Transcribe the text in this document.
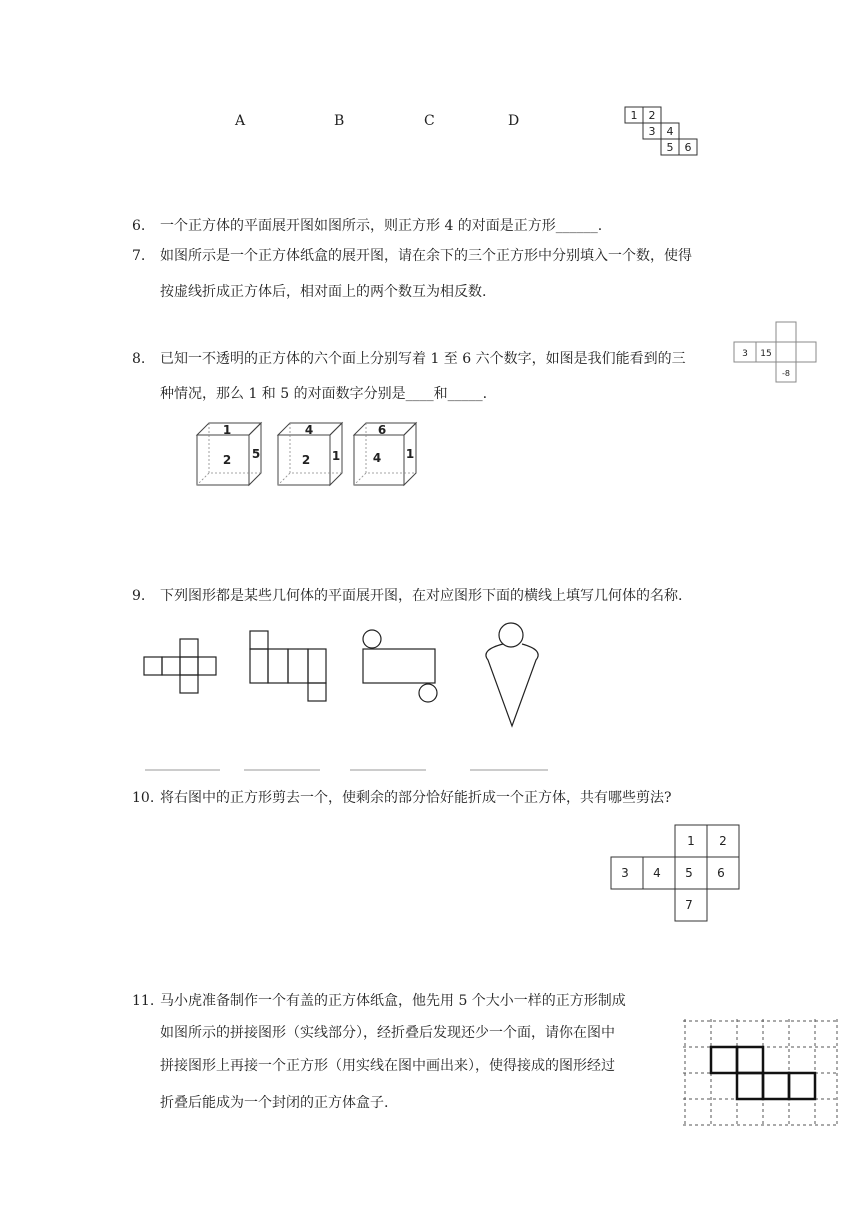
A	B	C	D	1 2
3 4
5 6
6.	一个正方体的平面展开图如图所示，则正方形 4 的对面是正方形______.
7.	如图所示是一个正方体纸盒的展开图，请在余下的三个正方形中分别填入一个数，使得
按虚线折成正方体后，相对面上的两个数互为相反数.
3 15
-8
8.	已知一不透明的正方体的六个面上分别写着 1 至 6 六个数字，如图是我们能看到的三
种情况，那么 1 和 5 的对面数字分别是____和_____.
1
2 5
4
2 1
6
4 1
9.	下列图形都是某些几何体的平面展开图，在对应图形下面的横线上填写几何体的名称.
10. 将右图中的正方形剪去一个，使剩余的部分恰好能折成一个正方体，共有哪些剪法?
1 2
3 4 5 6
7
11. 马小虎准备制作一个有盖的正方体纸盒，他先用 5 个大小一样的正方形制成
如图所示的拼接图形（实线部分），经折叠后发现还少一个面，请你在图中
拼接图形上再接一个正方形（用实线在图中画出来），使得接成的图形经过
折叠后能成为一个封闭的正方体盒子.
